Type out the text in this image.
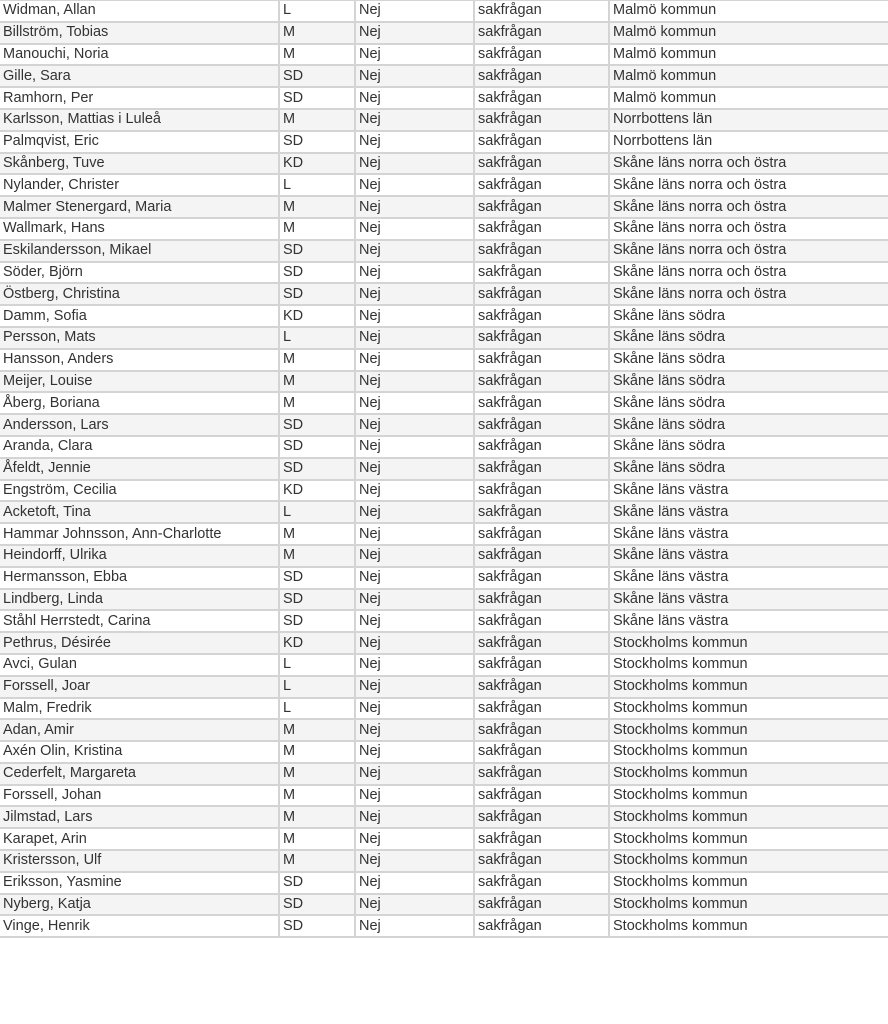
Widman, Allan	L	Nej	sakfrågan	Malmö kommun
Billström, Tobias	M	Nej	sakfrågan	Malmö kommun
Manouchi, Noria	M	Nej	sakfrågan	Malmö kommun
Gille, Sara	SD	Nej	sakfrågan	Malmö kommun
Ramhorn, Per	SD	Nej	sakfrågan	Malmö kommun
Karlsson, Mattias i Luleå	M	Nej	sakfrågan	Norrbottens län
Palmqvist, Eric	SD	Nej	sakfrågan	Norrbottens län
Skånberg, Tuve	KD	Nej	sakfrågan	Skåne läns norra och östra
Nylander, Christer	L	Nej	sakfrågan	Skåne läns norra och östra
Malmer Stenergard, Maria	M	Nej	sakfrågan	Skåne läns norra och östra
Wallmark, Hans	M	Nej	sakfrågan	Skåne läns norra och östra
Eskilandersson, Mikael	SD	Nej	sakfrågan	Skåne läns norra och östra
Söder, Björn	SD	Nej	sakfrågan	Skåne läns norra och östra
Östberg, Christina	SD	Nej	sakfrågan	Skåne läns norra och östra
Damm, Sofia	KD	Nej	sakfrågan	Skåne läns södra
Persson, Mats	L	Nej	sakfrågan	Skåne läns södra
Hansson, Anders	M	Nej	sakfrågan	Skåne läns södra
Meijer, Louise	M	Nej	sakfrågan	Skåne läns södra
Åberg, Boriana	M	Nej	sakfrågan	Skåne läns södra
Andersson, Lars	SD	Nej	sakfrågan	Skåne läns södra
Aranda, Clara	SD	Nej	sakfrågan	Skåne läns södra
Åfeldt, Jennie	SD	Nej	sakfrågan	Skåne läns södra
Engström, Cecilia	KD	Nej	sakfrågan	Skåne läns västra
Acketoft, Tina	L	Nej	sakfrågan	Skåne läns västra
Hammar Johnsson, Ann-Charlotte	M	Nej	sakfrågan	Skåne läns västra
Heindorff, Ulrika	M	Nej	sakfrågan	Skåne läns västra
Hermansson, Ebba	SD	Nej	sakfrågan	Skåne läns västra
Lindberg, Linda	SD	Nej	sakfrågan	Skåne läns västra
Ståhl Herrstedt, Carina	SD	Nej	sakfrågan	Skåne läns västra
Pethrus, Désirée	KD	Nej	sakfrågan	Stockholms kommun
Avci, Gulan	L	Nej	sakfrågan	Stockholms kommun
Forssell, Joar	L	Nej	sakfrågan	Stockholms kommun
Malm, Fredrik	L	Nej	sakfrågan	Stockholms kommun
Adan, Amir	M	Nej	sakfrågan	Stockholms kommun
Axén Olin, Kristina	M	Nej	sakfrågan	Stockholms kommun
Cederfelt, Margareta	M	Nej	sakfrågan	Stockholms kommun
Forssell, Johan	M	Nej	sakfrågan	Stockholms kommun
Jilmstad, Lars	M	Nej	sakfrågan	Stockholms kommun
Karapet, Arin	M	Nej	sakfrågan	Stockholms kommun
Kristersson, Ulf	M	Nej	sakfrågan	Stockholms kommun
Eriksson, Yasmine	SD	Nej	sakfrågan	Stockholms kommun
Nyberg, Katja	SD	Nej	sakfrågan	Stockholms kommun
Vinge, Henrik	SD	Nej	sakfrågan	Stockholms kommun
